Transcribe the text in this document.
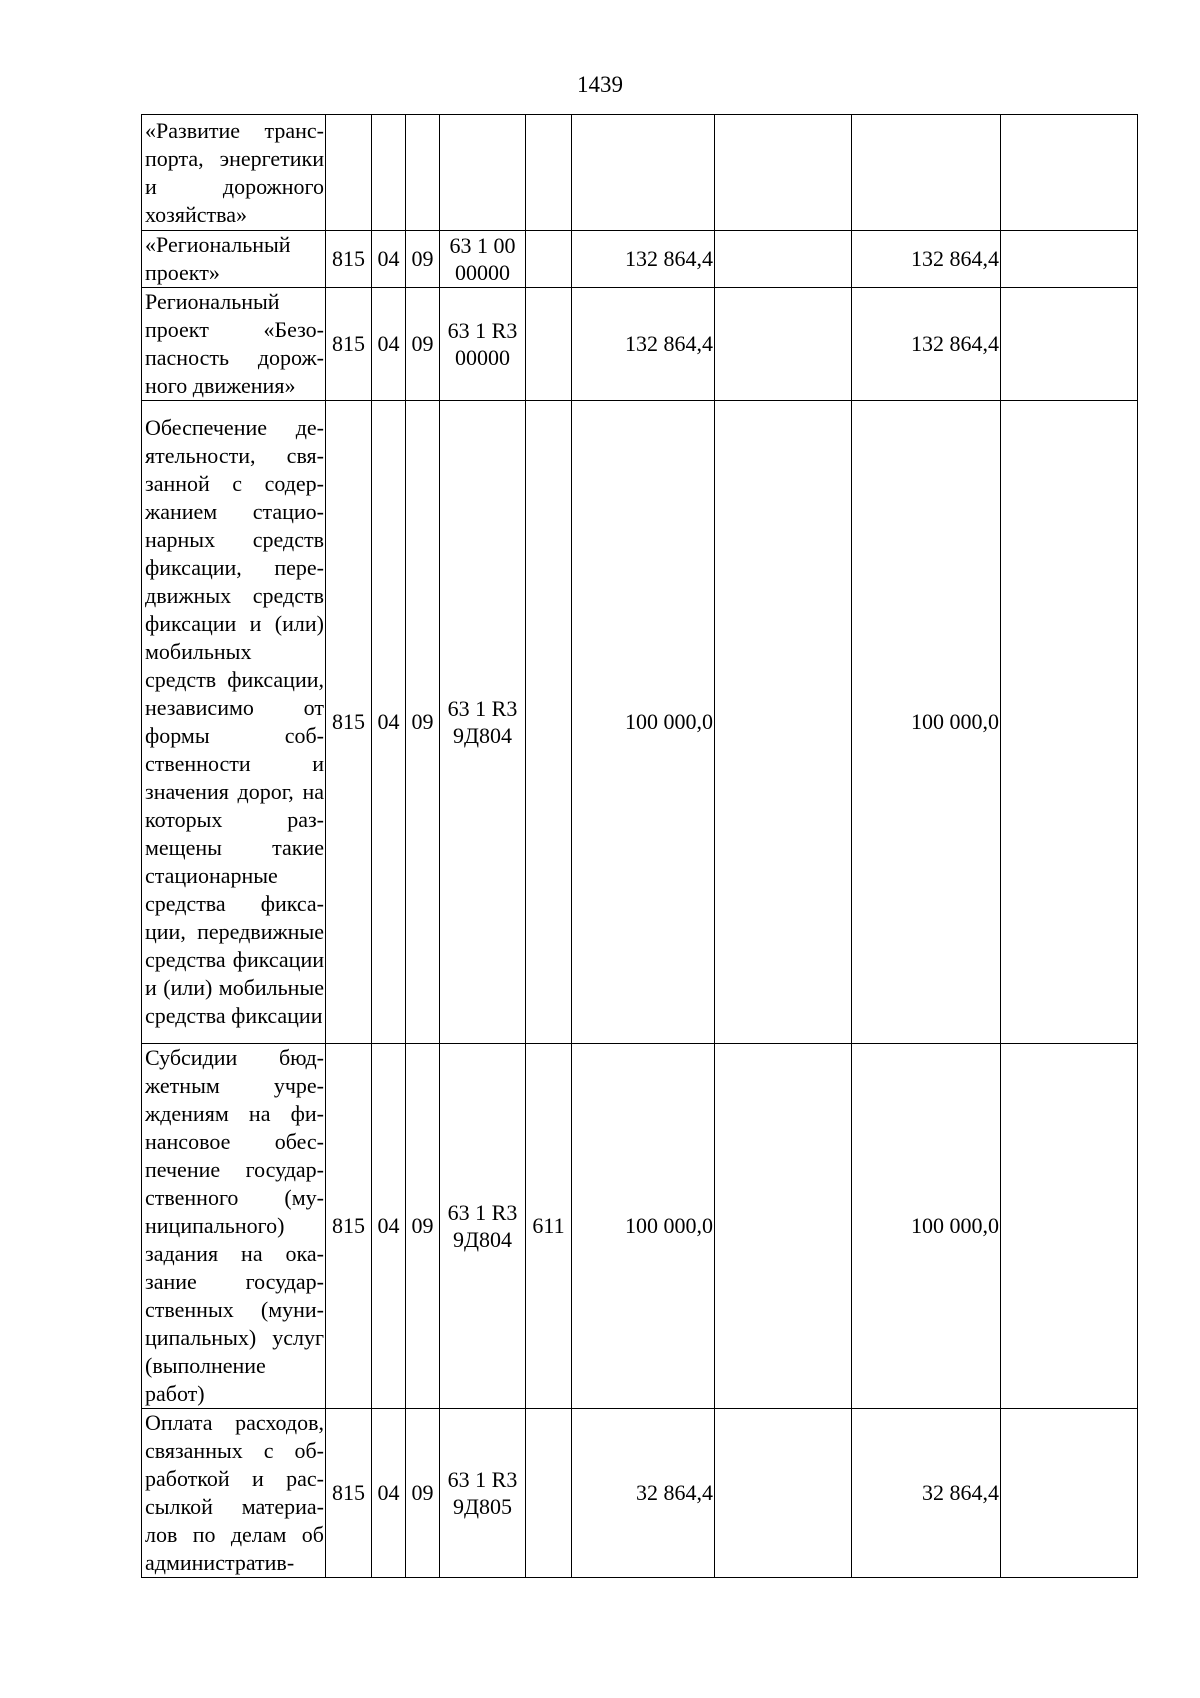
1439
«Развитие транспорта, энергетики и дорожного хозяйства»									
«Региональный проект»	815	04	09	63 1 00 00000		132 864,4		132 864,4	
Региональный проект «Безопасность дорожного движения»	815	04	09	63 1 R3 00000		132 864,4		132 864,4	
Обеспечение деятельности, связанной с содержанием стационарных средств фиксации, передвижных средств фиксации и (или) мобильных средств фиксации, независимо от формы собственности и значения дорог, на которых размещены такие стационарные средства фиксации, передвижные средства фиксации и (или) мобильные средства фиксации	815	04	09	63 1 R3 9Д804		100 000,0		100 000,0	
Субсидии бюджетным учреждениям на финансовое обеспечение государственного (муниципального) задания на оказание государственных (муниципальных) услуг (выполнение работ)	815	04	09	63 1 R3 9Д804	611	100 000,0		100 000,0	
Оплата расходов, связанных с обработкой и рассылкой материалов по делам об административ-	815	04	09	63 1 R3 9Д805		32 864,4		32 864,4	
